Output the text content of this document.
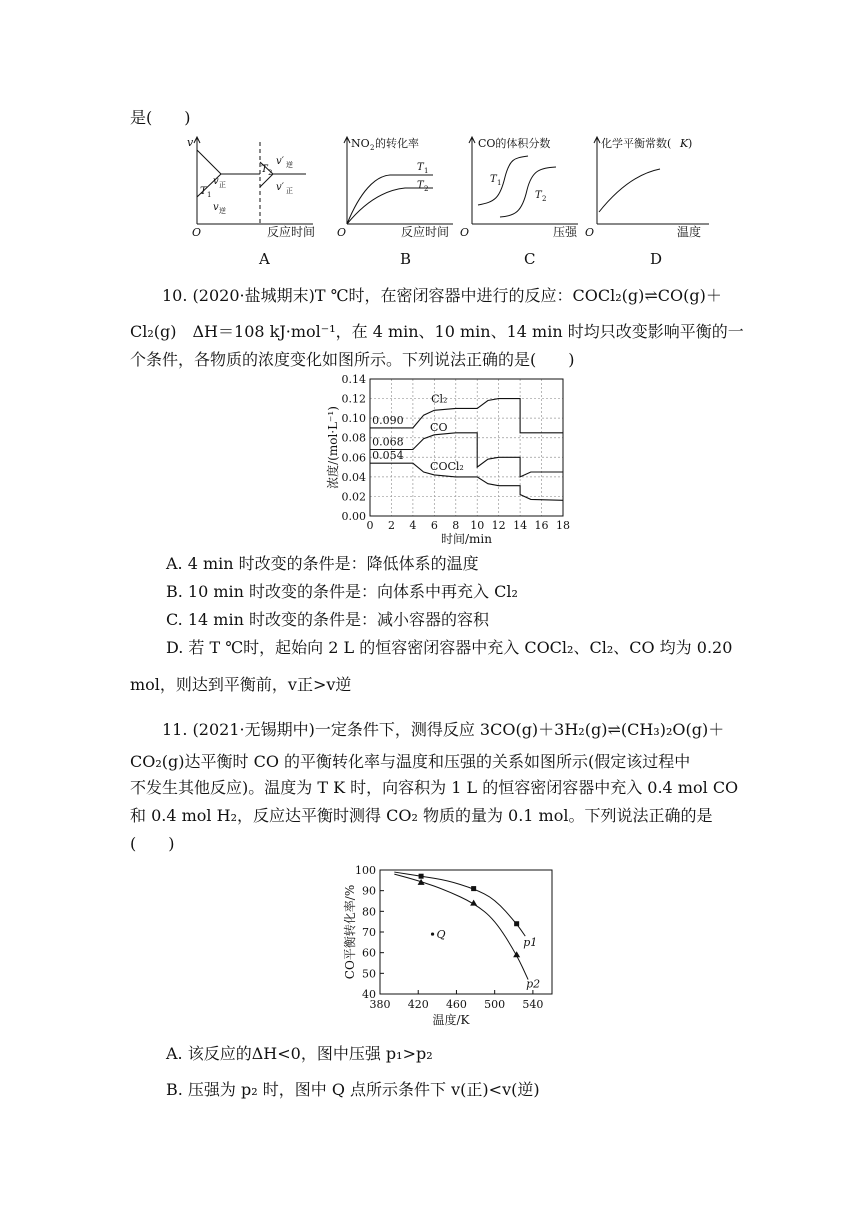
是(　　)
v
O
v 正
v 逆
T 1
T 2
v′ 逆
v′ 正
反应时间
A
NO 2 的转化率
T 1
T 2
O	反应时间
B
CO的体积分数
T 1
T 2
O	压强
C
化学平衡常数( K )
O	温度
D
10. (2020·盐城期末)T ℃时，在密闭容器中进行的反应：COCl₂(g)⇌CO(g)＋
Cl₂(g)　ΔH＝108 kJ·mol⁻¹，在 4 min、10 min、14 min 时均只改变影响平衡的一
个条件，各物质的浓度变化如图所示。下列说法正确的是(　　)
0.00
0.02
0.04
0.06
0.08
0.10
0.12
0.14
0 2 4 6 8 10 12 14 16 18
时间/min
浓度/(mol·L⁻¹)
Cl₂
CO
COCl₂
0.090
0.068
0.054
A. 4 min 时改变的条件是：降低体系的温度
B. 10 min 时改变的条件是：向体系中再充入 Cl₂
C. 14 min 时改变的条件是：减小容器的容积
D. 若 T ℃时，起始向 2 L 的恒容密闭容器中充入 COCl₂、Cl₂、CO 均为 0.20
mol，则达到平衡前，v正>v逆
11. (2021·无锡期中)一定条件下，测得反应 3CO(g)＋3H₂(g)⇌(CH₃)₂O(g)＋
CO₂(g)达平衡时 CO 的平衡转化率与温度和压强的关系如图所示(假定该过程中
不发生其他反应)。温度为 T K 时，向容积为 1 L 的恒容密闭容器中充入 0.4 mol CO
和 0.4 mol H₂，反应达平衡时测得 CO₂ 物质的量为 0.1 mol。下列说法正确的是
(　　)
40
50
60
70
80
90
100
380 420 460 500 540
温度/K
CO平衡转化率/%	p1
p2
Q
A. 该反应的ΔH<0，图中压强 p₁>p₂
B. 压强为 p₂ 时，图中 Q 点所示条件下 v(正)<v(逆)
